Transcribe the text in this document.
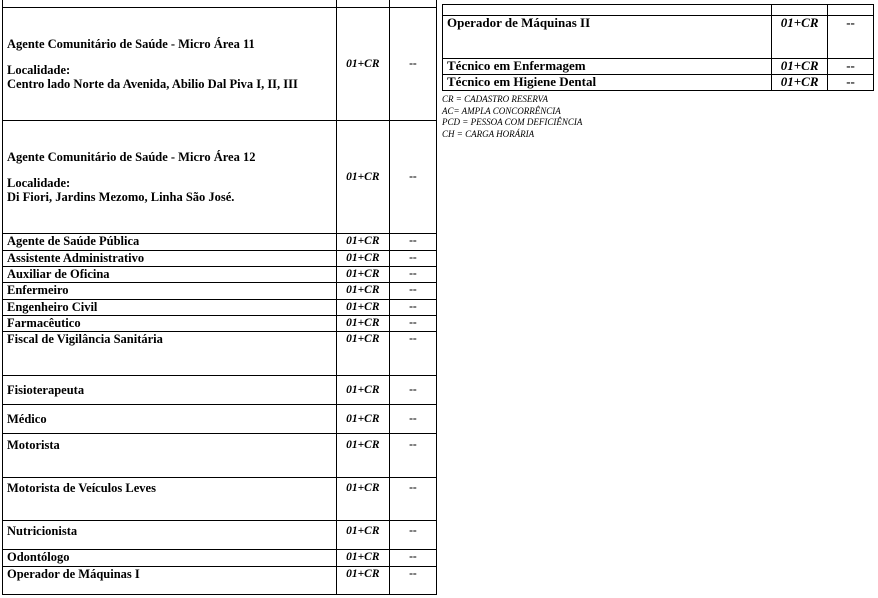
Agente Comunitário de Saúde - Micro Área 11
Localidade:
Centro lado Norte da Avenida, Abilio Dal Piva I, II, III	01+CR	--
Agente Comunitário de Saúde - Micro Área 12
Localidade:
Di Fiori, Jardins Mezomo, Linha São José.	01+CR	--
Agente de Saúde Pública	01+CR	--
Assistente Administrativo	01+CR	--
Auxiliar de Oficina	01+CR	--
Enfermeiro	01+CR	--
Engenheiro Civil	01+CR	--
Farmacêutico	01+CR	--
Fiscal de Vigilância Sanitária	01+CR	--
Fisioterapeuta	01+CR	--
Médico	01+CR	--
Motorista	01+CR	--
Motorista de Veículos Leves	01+CR	--
Nutricionista	01+CR	--
Odontólogo	01+CR	--
Operador de Máquinas I	01+CR	--

Operador de Máquinas II	01+CR	--
Técnico em Enfermagem	01+CR	--
Técnico em Higiene Dental	01+CR	--
CR = CADASTRO RESERVA
AC= AMPLA CONCORRÊNCIA
PCD = PESSOA COM DEFICIÊNCIA
CH = CARGA HORÁRIA
